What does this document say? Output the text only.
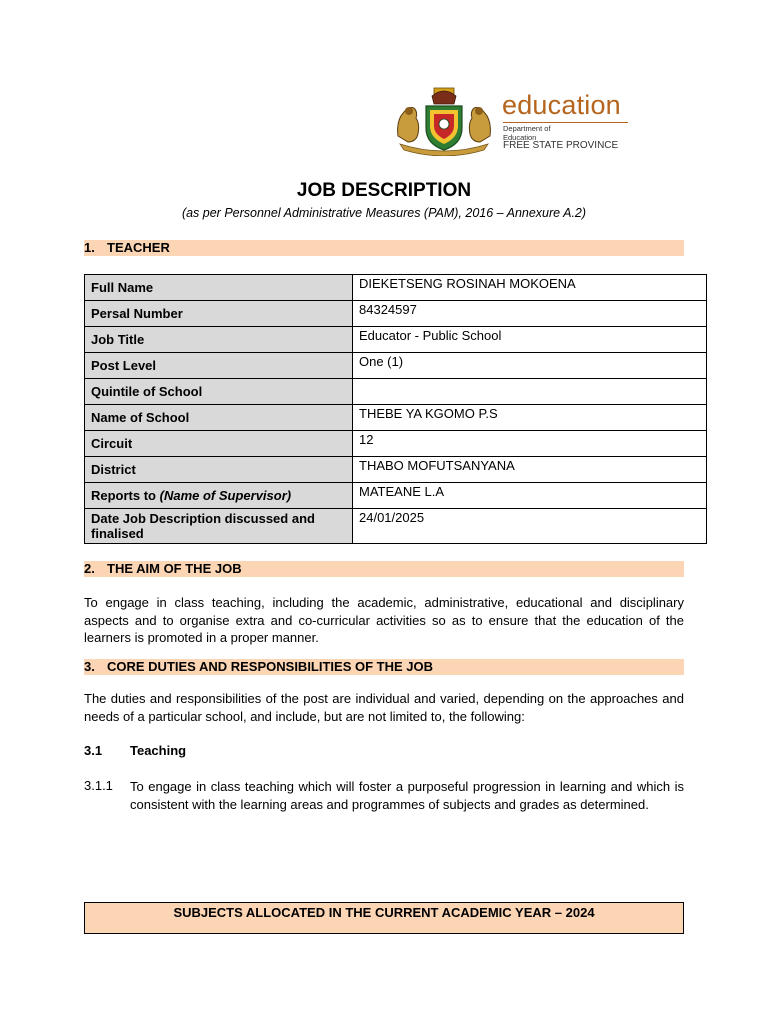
education
Department of
Education
FREE STATE PROVINCE
JOB DESCRIPTION
(as per Personnel Administrative Measures (PAM), 2016 – Annexure A.2)
1. TEACHER
Full Name	DIEKETSENG ROSINAH MOKOENA
Persal Number	84324597
Job Title	Educator - Public School
Post Level	One (1)
Quintile of School	
Name of School	THEBE YA KGOMO P.S
Circuit	12
District	THABO MOFUTSANYANA
Reports to (Name of Supervisor)	MATEANE L.A
Date Job Description discussed and finalised	24/01/2025
2. THE AIM OF THE JOB
To engage in class teaching, including the academic, administrative, educational and disciplinary aspects and to organise extra and co-curricular activities so as to ensure that the education of the learners is promoted in a proper manner.
3. CORE DUTIES AND RESPONSIBILITIES OF THE JOB
The duties and responsibilities of the post are individual and varied, depending on the approaches and needs of a particular school, and include, but are not limited to, the following:
3.1 Teaching
3.1.1 To engage in class teaching which will foster a purposeful progression in learning and which is consistent with the learning areas and programmes of subjects and grades as determined.
SUBJECTS ALLOCATED IN THE CURRENT ACADEMIC YEAR – 2024
